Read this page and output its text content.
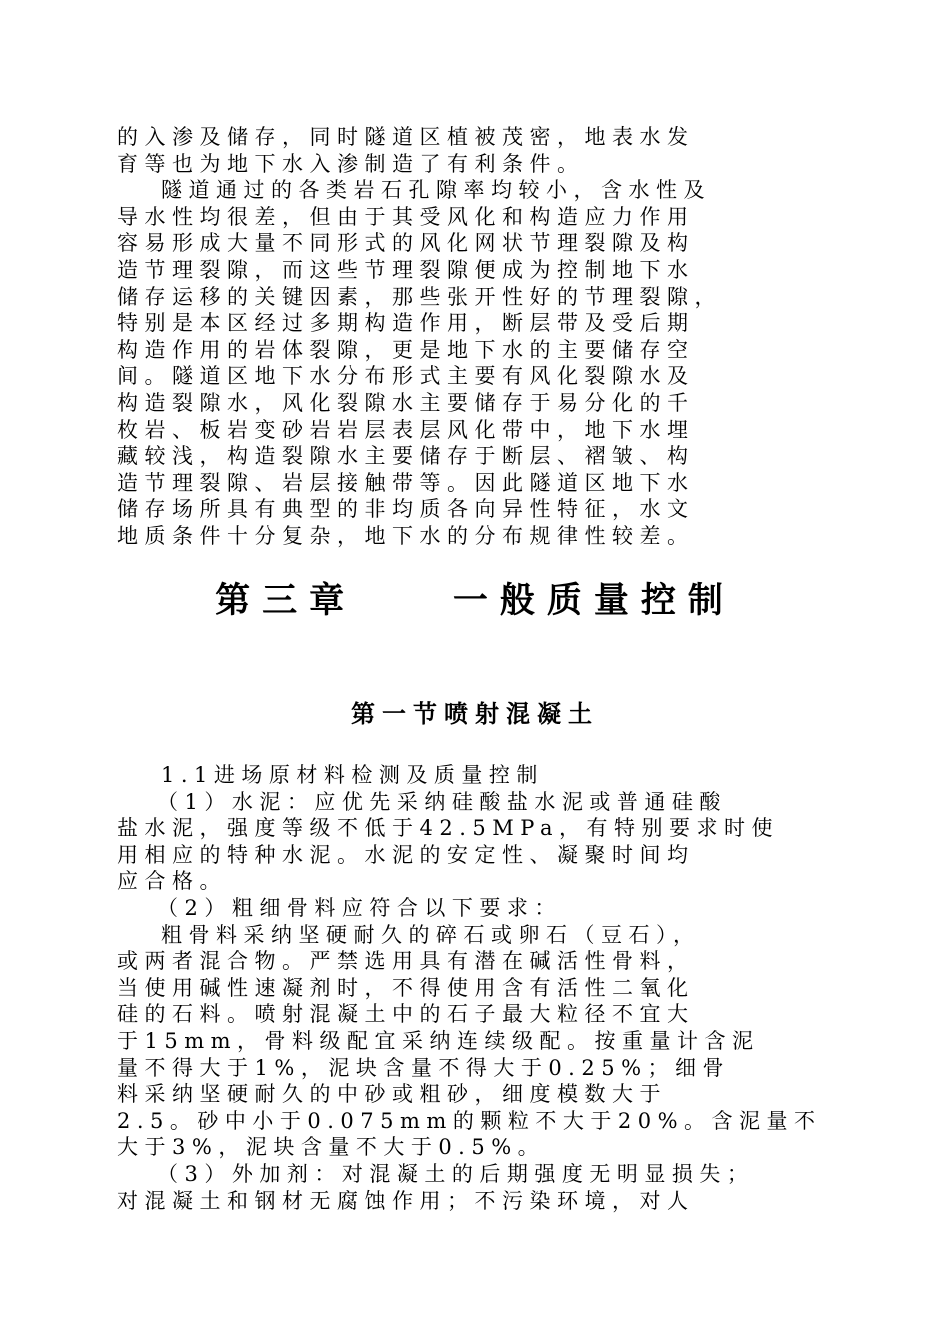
的入渗及储存，同时隧道区植被茂密，地表水发
育等也为地下水入渗制造了有利条件。
隧道通过的各类岩石孔隙率均较小，含水性及
导水性均很差，但由于其受风化和构造应力作用
容易形成大量不同形式的风化网状节理裂隙及构
造节理裂隙，而这些节理裂隙便成为控制地下水
储存运移的关键因素，那些张开性好的节理裂隙，
特别是本区经过多期构造作用，断层带及受后期
构造作用的岩体裂隙，更是地下水的主要储存空
间。隧道区地下水分布形式主要有风化裂隙水及
构造裂隙水，风化裂隙水主要储存于易分化的千
枚岩、板岩变砂岩岩层表层风化带中，地下水埋
藏较浅，构造裂隙水主要储存于断层、褶皱、构
造节理裂隙、岩层接触带等。因此隧道区地下水
储存场所具有典型的非均质各向异性特征，水文
地质条件十分复杂，地下水的分布规律性较差。
第三章    一般质量控制
第一节喷射混凝土
1.1进场原材料检测及质量控制
（1）水泥：应优先采纳硅酸盐水泥或普通硅酸
盐水泥，强度等级不低于42.5MPa，有特别要求时使
用相应的特种水泥。水泥的安定性、凝聚时间均
应合格。
（2）粗细骨料应符合以下要求：
粗骨料采纳坚硬耐久的碎石或卵石（豆石），
或两者混合物。严禁选用具有潜在碱活性骨料，
当使用碱性速凝剂时，不得使用含有活性二氧化
硅的石料。喷射混凝土中的石子最大粒径不宜大
于15mm，骨料级配宜采纳连续级配。按重量计含泥
量不得大于1%，泥块含量不得大于0.25%；细骨
料采纳坚硬耐久的中砂或粗砂，细度模数大于
2.5。砂中小于0.075mm的颗粒不大于20%。含泥量不
大于3%，泥块含量不大于0.5%。
（3）外加剂：对混凝土的后期强度无明显损失；
对混凝土和钢材无腐蚀作用；不污染环境，对人
